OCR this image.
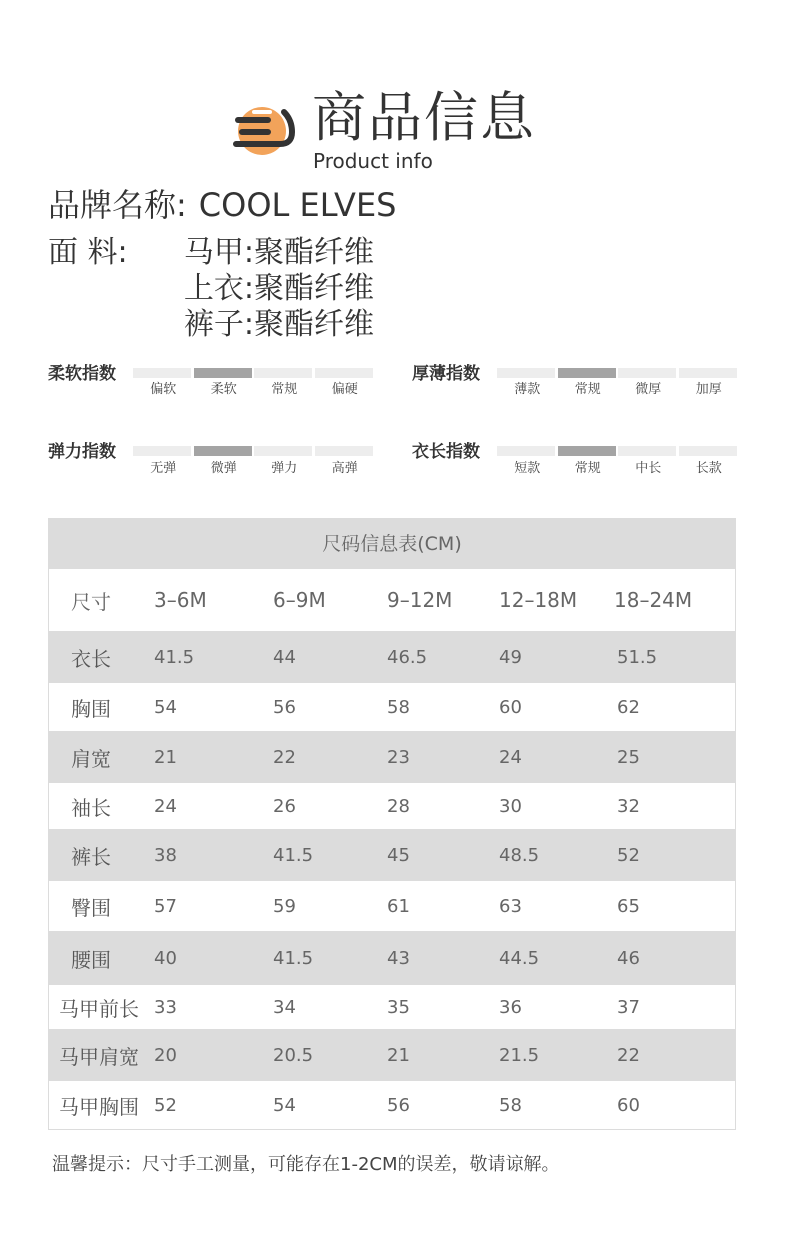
商品信息
Product info
品牌名称: COOL ELVES
面 料:	马甲:聚酯纤维
上衣:聚酯纤维
裤子:聚酯纤维
柔软指数
偏软	柔软	常规	偏硬
厚薄指数
薄款	常规	微厚	加厚
弹力指数
无弹	微弹	弹力	高弹
衣长指数
短款	常规	中长	长款
尺码信息表(CM)
尺寸 3–6M	6–9M	9–12M 12–18M 18–24M
衣长 41.5	44	46.5	49	51.5
胸围 54	56	58	60	62
肩宽 21	22	23	24	25
袖长 24	26	28	30	32
裤长 38	41.5	45	48.5	52
臀围 57	59	61	63	65
腰围 40	41.5	43	44.5	46
马甲前长 33	34	35	36	37
马甲肩宽 20	20.5	21	21.5	22
马甲胸围 52	54	56	58	60
温馨提示：尺寸手工测量，可能存在1-2CM的误差，敬请谅解。
